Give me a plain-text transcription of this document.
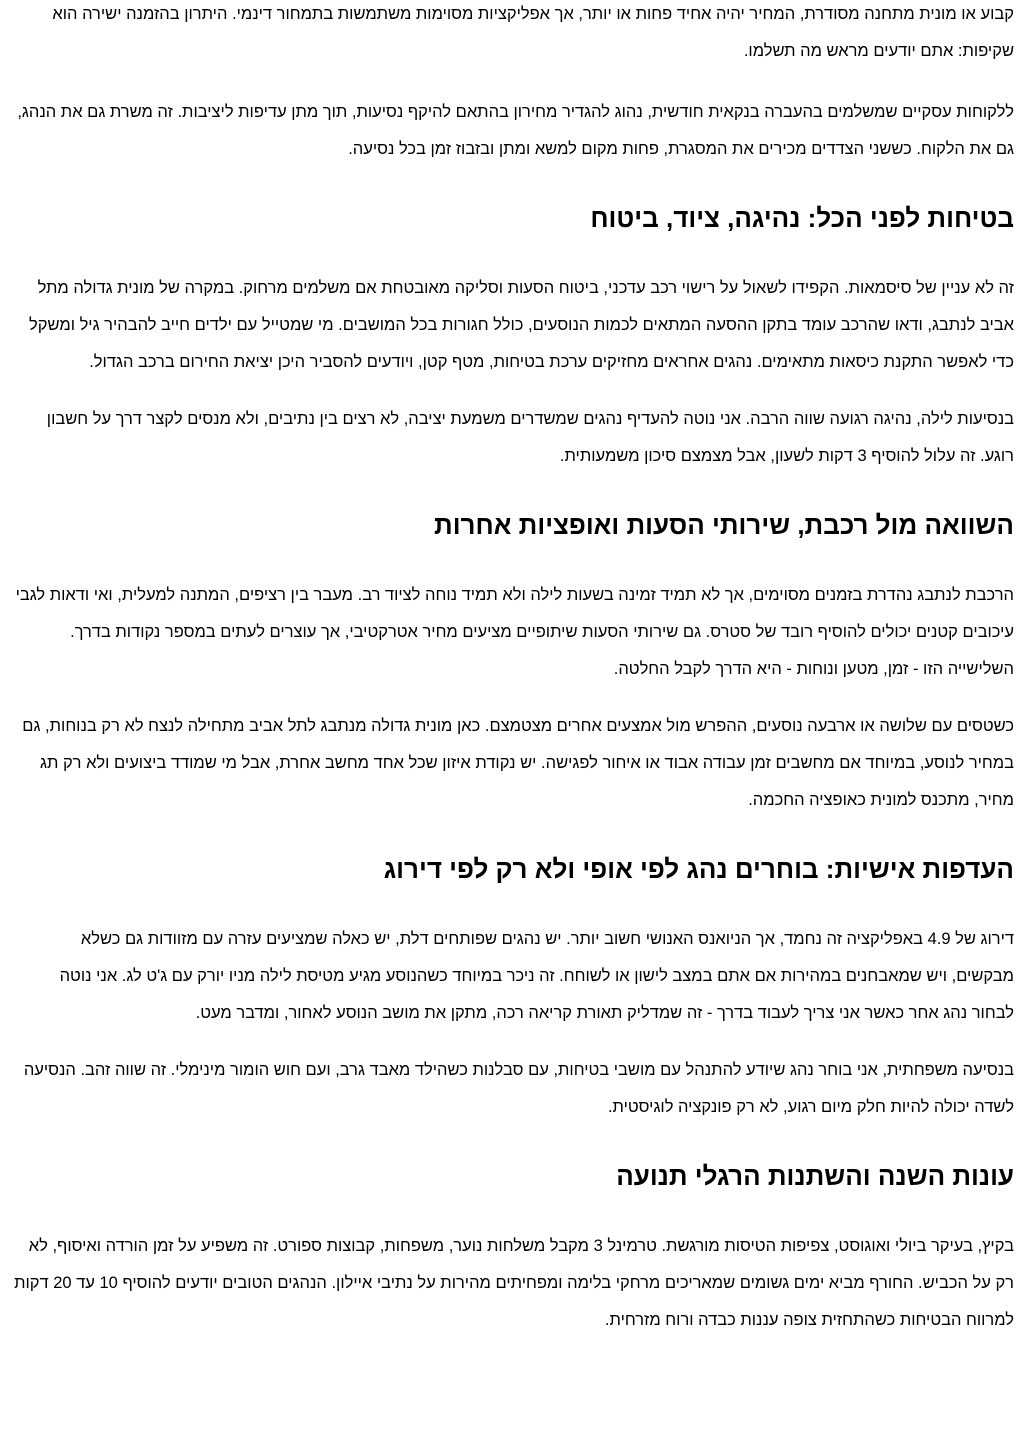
קבוע או מונית מתחנה מסודרת, המחיר יהיה אחיד פחות או יותר, אך אפליקציות מסוימות משתמשות בתמחור דינמי. היתרון בהזמנה ישירה הוא שקיפות: אתם יודעים מראש מה תשלמו.

ללקוחות עסקיים שמשלמים בהעברה בנקאית חודשית, נהוג להגדיר מחירון בהתאם להיקף נסיעות, תוך מתן עדיפות ליציבות. זה משרת גם את הנהג, גם את הלקוח. כששני הצדדים מכירים את המסגרת, פחות מקום למשא ומתן ובזבוז זמן בכל נסיעה.

בטיחות לפני הכל: נהיגה, ציוד, ביטוח

זה לא עניין של סיסמאות. הקפידו לשאול על רישוי רכב עדכני, ביטוח הסעות וסליקה מאובטחת אם משלמים מרחוק. במקרה של מונית גדולה מתל אביב לנתבג, ודאו שהרכב עומד בתקן ההסעה המתאים לכמות הנוסעים, כולל חגורות בכל המושבים. מי שמטייל עם ילדים חייב להבהיר גיל ומשקל כדי לאפשר התקנת כיסאות מתאימים. נהגים אחראים מחזיקים ערכת בטיחות, מטף קטן, ויודעים להסביר היכן יציאת החירום ברכב הגדול.

בנסיעות לילה, נהיגה רגועה שווה הרבה. אני נוטה להעדיף נהגים שמשדרים משמעת יציבה, לא רצים בין נתיבים, ולא מנסים לקצר דרך על חשבון רוגע. זה עלול להוסיף 3 דקות לשעון, אבל מצמצם סיכון משמעותית.

השוואה מול רכבת, שירותי הסעות ואופציות אחרות

הרכבת לנתבג נהדרת בזמנים מסוימים, אך לא תמיד זמינה בשעות לילה ולא תמיד נוחה לציוד רב. מעבר בין רציפים, המתנה למעלית, ואי ודאות לגבי עיכובים קטנים יכולים להוסיף רובד של סטרס. גם שירותי הסעות שיתופיים מציעים מחיר אטרקטיבי, אך עוצרים לעתים במספר נקודות בדרך. השלישייה הזו - זמן, מטען ונוחות - היא הדרך לקבל החלטה.

כשטסים עם שלושה או ארבעה נוסעים, ההפרש מול אמצעים אחרים מצטמצם. כאן מונית גדולה מנתבג לתל אביב מתחילה לנצח לא רק בנוחות, גם במחיר לנוסע, במיוחד אם מחשבים זמן עבודה אבוד או איחור לפגישה. יש נקודת איזון שכל אחד מחשב אחרת, אבל מי שמודד ביצועים ולא רק תג מחיר, מתכנס למונית כאופציה החכמה.

העדפות אישיות: בוחרים נהג לפי אופי ולא רק לפי דירוג

דירוג של 4.9 באפליקציה זה נחמד, אך הניואנס האנושי חשוב יותר. יש נהגים שפותחים דלת, יש כאלה שמציעים עזרה עם מזוודות גם כשלא מבקשים, ויש שמאבחנים במהירות אם אתם במצב לישון או לשוחח. זה ניכר במיוחד כשהנוסע מגיע מטיסת לילה מניו יורק עם ג'ט לג. אני נוטה לבחור נהג אחר כאשר אני צריך לעבוד בדרך - זה שמדליק תאורת קריאה רכה, מתקן את מושב הנוסע לאחור, ומדבר מעט.

בנסיעה משפחתית, אני בוחר נהג שיודע להתנהל עם מושבי בטיחות, עם סבלנות כשהילד מאבד גרב, ועם חוש הומור מינימלי. זה שווה זהב. הנסיעה לשדה יכולה להיות חלק מיום רגוע, לא רק פונקציה לוגיסטית.

עונות השנה והשתנות הרגלי תנועה

בקיץ, בעיקר ביולי ואוגוסט, צפיפות הטיסות מורגשת. טרמינל 3 מקבל משלחות נוער, משפחות, קבוצות ספורט. זה משפיע על זמן הורדה ואיסוף, לא רק על הכביש. החורף מביא ימים גשומים שמאריכים מרחקי בלימה ומפחיתים מהירות על נתיבי איילון. הנהגים הטובים יודעים להוסיף 10 עד 20 דקות למרווח הבטיחות כשהתחזית צופה עננות כבדה ורוח מזרחית.
